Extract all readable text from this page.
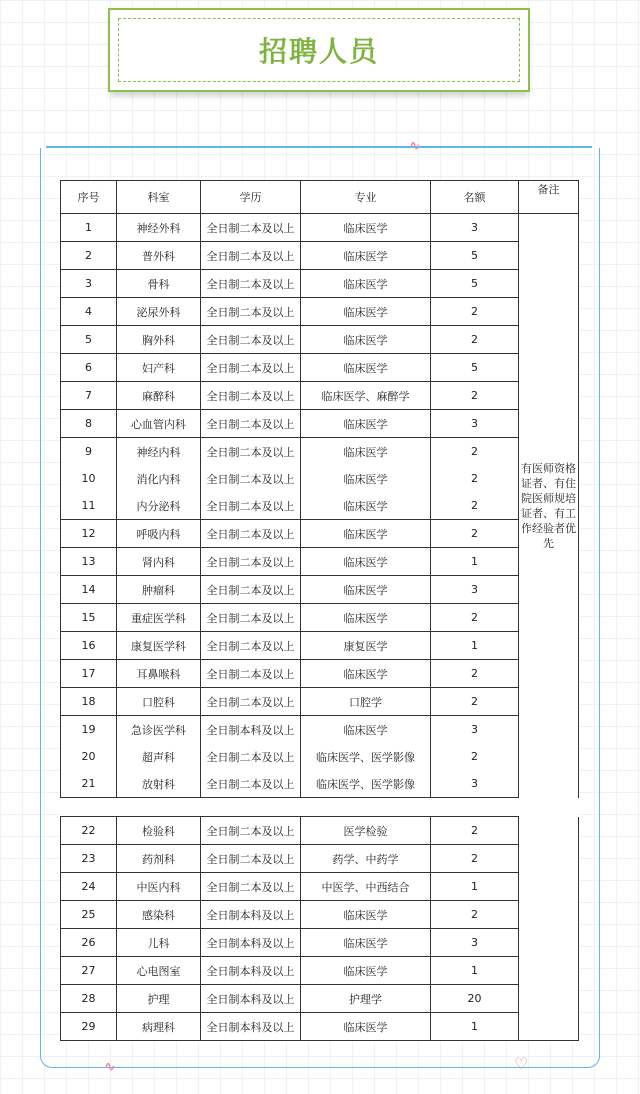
招聘人员
∿
∿	♡
序号	科室	学历	专业	名额	备注
1	神经外科	全日制二本及以上	临床医学	3	有医师资格证者、有住院医师规培证者、有工作经验者优先
2	普外科	全日制二本及以上	临床医学	5	
3	骨科	全日制二本及以上	临床医学	5	
4	泌尿外科	全日制二本及以上	临床医学	2	
5	胸外科	全日制二本及以上	临床医学	2	
6	妇产科	全日制二本及以上	临床医学	5	
7	麻醉科	全日制二本及以上	临床医学、麻醉学	2	
8	心血管内科	全日制二本及以上	临床医学	3	
9	神经内科	全日制二本及以上	临床医学	2	
10	消化内科	全日制二本及以上	临床医学	2	
11	内分泌科	全日制二本及以上	临床医学	2	
12	呼吸内科	全日制二本及以上	临床医学	2	
13	肾内科	全日制二本及以上	临床医学	1	
14	肿瘤科	全日制二本及以上	临床医学	3	
15	重症医学科	全日制二本及以上	临床医学	2	
16	康复医学科	全日制二本及以上	康复医学	1	
17	耳鼻喉科	全日制二本及以上	临床医学	2	
18	口腔科	全日制二本及以上	口腔学	2	
19	急诊医学科	全日制本科及以上	临床医学	3	
20	超声科	全日制二本及以上	临床医学、医学影像	2	
21	放射科	全日制二本及以上	临床医学、医学影像	3	
22	检验科	全日制二本及以上	医学检验	2	
23	药剂科	全日制二本及以上	药学、中药学	2	
24	中医内科	全日制二本及以上	中医学、中西结合	1	
25	感染科	全日制本科及以上	临床医学	2	
26	儿科	全日制本科及以上	临床医学	3	
27	心电图室	全日制本科及以上	临床医学	1	
28	护理	全日制本科及以上	护理学	20	
29	病理科	全日制本科及以上	临床医学	1	
